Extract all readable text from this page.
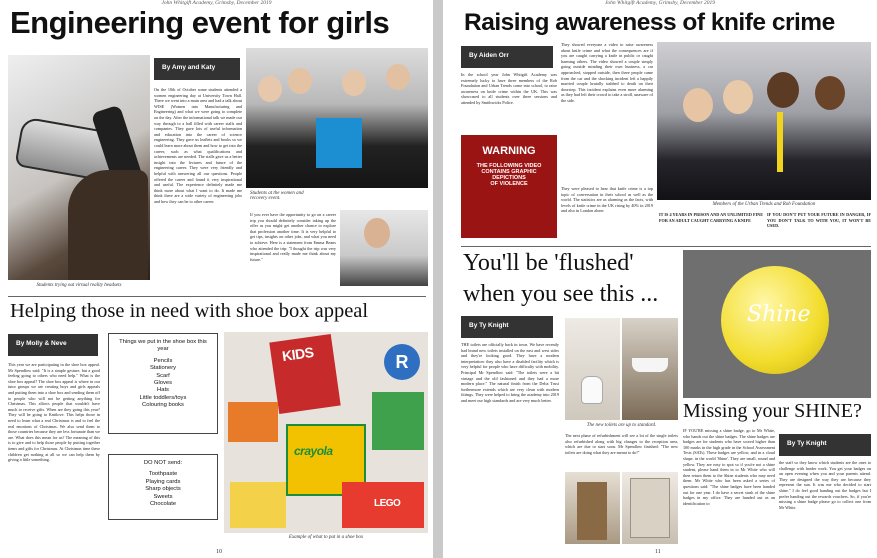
John Whitgift Academy, Grimsby, December 2019
Engineering event for girls
Students trying out virtual reality headsets
By Amy and Katy
On the 10th of October some students attended a women engineering day at University Town Hall. There we went into a main area and had a talk about WISE (Women into Manufacturing and Engineering) and what we were going to complete on the day. After the informational talk we made our way through to a hall filled with career stalls and companies. They gave lots of useful information and education into the career of science engineering. They gave us leaflets and books so we could learn more about them and how to get into the career, such as what qualifications and achievements are needed. The stalls gave us a better insight into the lectures and future of the engineering career. They were very friendly and helpful with answering all our questions. People offered the career and found it very inspirational and useful. The experience definitely made me think more about what I want to do. It made me think there are a wide variety of engineering jobs and how they can be to other career.
Students at the women and recovery event.
If you ever have the opportunity to go on a career trip you should definitely consider taking up the offer as you might get another chance to explore that profession another time. It is very helpful to get tips, insights on other jobs, and what you need to achieve. Here is a statement from Emma Beans who attended the trip: "I thought the trip was very inspirational and really made me think about my future."
Helping those in need with shoe box appeal
By Molly & Neve
This year we are participating in the shoe box appeal. Mr Spendlow said: "It is a simple gesture, but a good feeling going to others who need help." What is the shoe box appeal? The shoe box appeal is where in our tutor groups we are creating boys and girls appeals and putting them into a shoe box and sending them off to people who will not be getting anything for Christmas. This allows people that wouldn't have much to receive gifts. When are they going this year? They will be going to Knitlove. This helps those in need to learn what a real Christmas is and to feel the real emotions of Christmas. We also send them to those countries because they are less fortunate than we are. What does this mean for us? The meaning of this is to give and to help those people by putting together items and gifts for Christmas. At Christmas time these children get nothing at all so we can help them by giving a little something.
Things we put in the shoe box this year
Pencils
Stationery
Scarf
Gloves
Hats
Little toddlers/toys
Colouring books
DO NOT send:
Toothpaste
Playing cards
Sharp objects
Sweets
Chocolate
KIDS	R
crayola
LEGO
Example of what to put in a shoe box
10
John Whitgift Academy, Grimsby, December 2019
Raising awareness of knife crime
By Aiden Orr
In the school year John Whitgift Academy was extremely lucky to have three members of the Rob Foundation and Urban Trends come into school, to raise awareness on knife crime within the UK. This was showcased to all students over three sessions and attended by Smithwicks Police.
They showed everyone a video to raise awareness about knife crime and what the consequences are if you are caught carrying a knife in public or caught harming others. The video showed a couple simply going outside minding their own business, a car approached, stopped outside, then three people came from the car and the shocking incident left a happily married couple brutally stabbed to death on their doorstep. This incident explains even more alarming as they had left their crowd to take a stroll, unaware of the side.
WARNING
THE FOLLOWING VIDEO
CONTAINS GRAPHIC
DEPICTIONS
OF VIOLENCE
They were pleased to hear that knife crime is a top topic of conversation in their school as well as the world. The statistics are as alarming as the facts, with levels of knife crime in the UK rising by 40% in 2019 and also in London alone.
Members of the Urban Trends and Rob Foundation
IT IS 4 YEARS IN PRISON AND AN UNLIMITED FINE FOR AN ADULT CAUGHT CARRYING A KNIFE
IF YOU DON'T PUT YOUR FUTURE IN DANGER, IF YOU DON'T TALK TO WITH YOU, IT WON'T BE USED.
You'll be 'flushed'
when you see this ...
By Ty Knight
THE toilets are officially back in town. We have recently had brand new toilets installed on the east and west sides and they're looking good. They have a modern interpretation: they also have a disabled facility which is very helpful for people who have difficulty with mobility. Principal Mr Spendlow said: "The toilets were a bit vintage and the old fashioned and they had a more modern place." The natural finish from the Delta Trust furthermore extends which are very clean with modern fittings. They were helped to bring the academy into 2019 and meet our high standards and are very much better.
The new toilets are up to standard.
The next phase of refurbishment will see a lot of the single toilets also refurbished along with big changes to the reception area, which are due to start soon. Mr Spendlow finished: "The new toilets are doing what they are meant to do!"
Shine
Missing your SHINE?
By Ty Knight
IF YOU'RE missing a shine badge, go to Mr White, who hands out the shine badges. The shine badges are badges are for students who have scored higher than 100 marks in the high grade in the School Assessment Tests (SATs). These badges are yellow, and in a cloud shape, in the world 'Shine'. They are small, round and yellow. They are easy to spot so if you're not a shine student, please hand them in to Mr White who will then return them to the Shine students who may need them. Mr White who has been asked a series of questions said: "The shine badges have been handed out for one year. I do have a secret stash of the shine badges in my office. They are handed out as an identification to
the staff so they know which students are the ones to challenge with harder work. You get your badges on an open evening when you and your parents attend. They are designed the way they are because they represent the sun. It was me who decided to start shine." I do feel good handing out the badges but I prefer handing out the rewards vouchers. So, if you're missing a shine badge please go to collect one from Mr White.
11
